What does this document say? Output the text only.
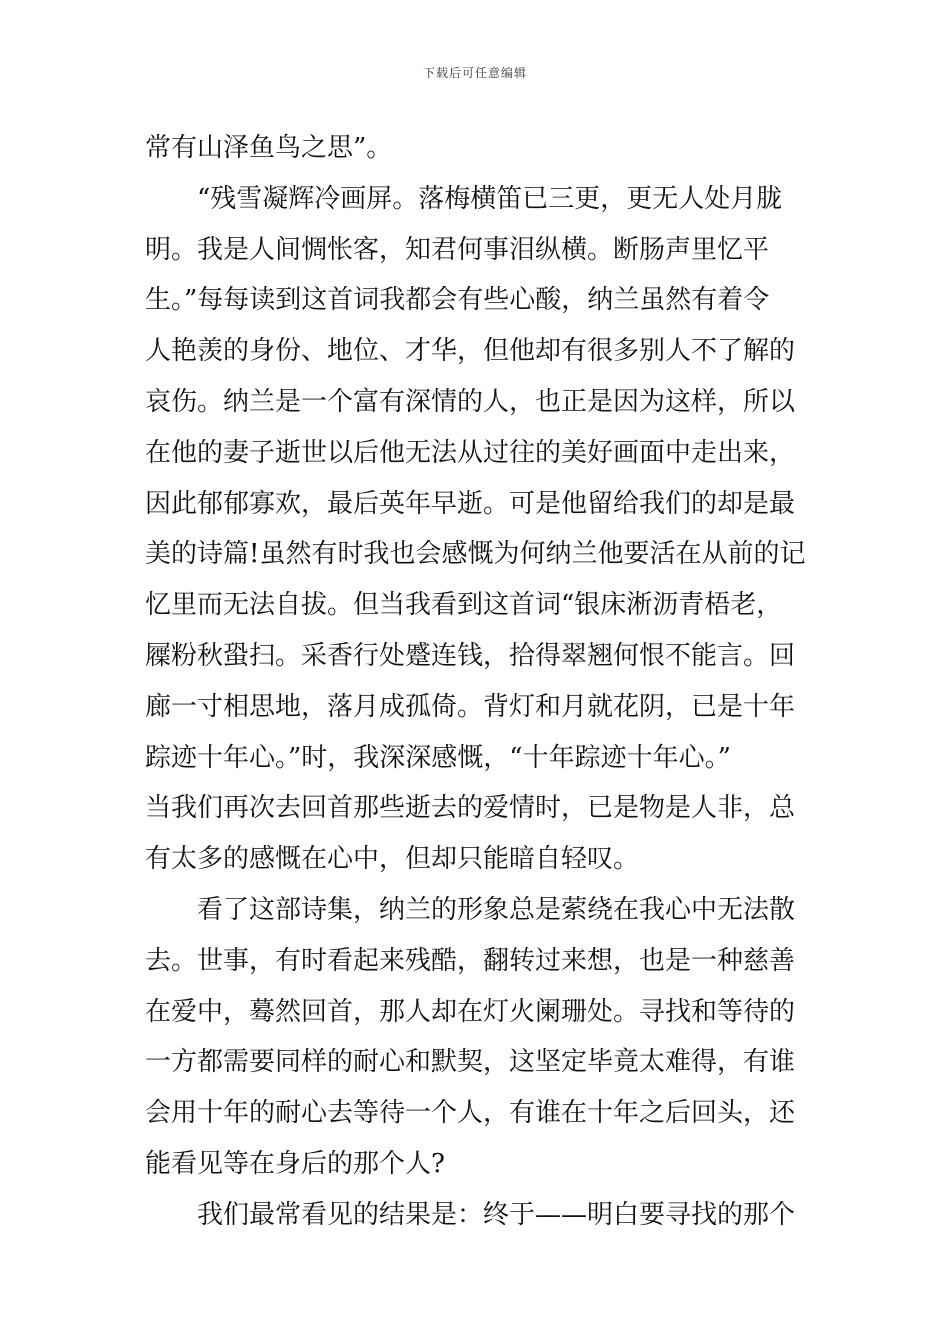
下载后可任意编辑
常有山泽鱼鸟之思”。
“残雪凝辉冷画屏。落梅横笛已三更，更无人处月胧
明。我是人间惆怅客，知君何事泪纵横。断肠声里忆平
生。”每每读到这首词我都会有些心酸，纳兰虽然有着令
人艳羡的身份、地位、才华，但他却有很多别人不了解的
哀伤。纳兰是一个富有深情的人，也正是因为这样，所以
在他的妻子逝世以后他无法从过往的美好画面中走出来，
因此郁郁寡欢，最后英年早逝。可是他留给我们的却是最
美的诗篇!虽然有时我也会感慨为何纳兰他要活在从前的记
忆里而无法自拔。但当我看到这首词“银床淅沥青梧老，
屧粉秋蛩扫。采香行处蹙连钱，拾得翠翘何恨不能言。回
廊一寸相思地，落月成孤倚。背灯和月就花阴，已是十年
踪迹十年心。”时，我深深感慨，“十年踪迹十年心。”
当我们再次去回首那些逝去的爱情时，已是物是人非，总
有太多的感慨在心中，但却只能暗自轻叹。
看了这部诗集，纳兰的形象总是萦绕在我心中无法散
去。世事，有时看起来残酷，翻转过来想，也是一种慈善
在爱中，蓦然回首，那人却在灯火阑珊处。寻找和等待的
一方都需要同样的耐心和默契，这坚定毕竟太难得，有谁
会用十年的耐心去等待一个人，有谁在十年之后回头，还
能看见等在身后的那个人?
我们最常看见的结果是：终于——明白要寻找的那个
